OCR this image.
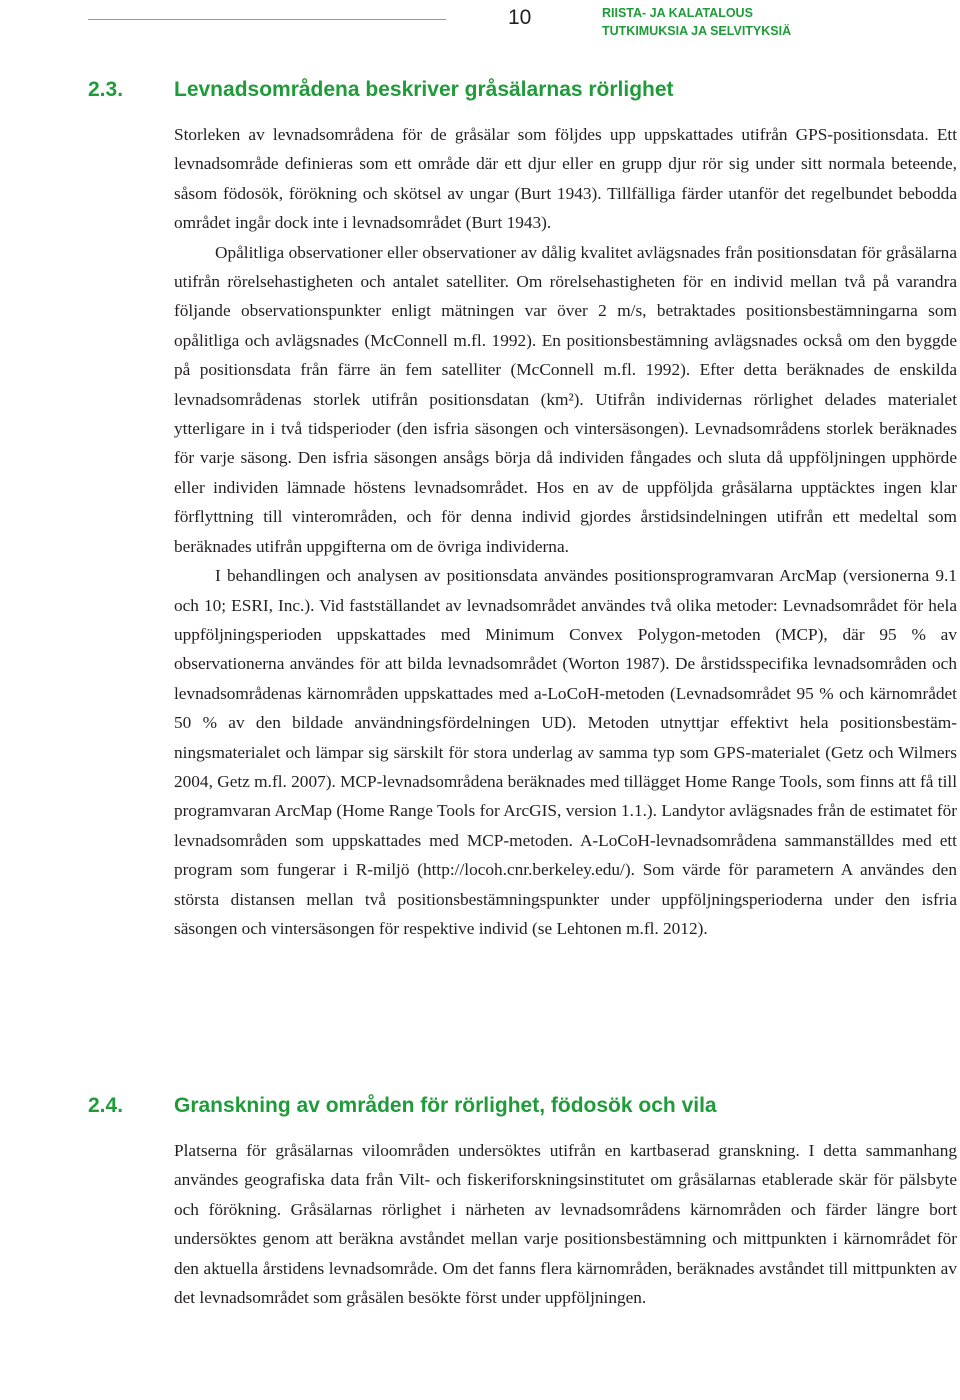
10	RIISTA- JA KALATALOUS
TUTKIMUKSIA JA SELVITYKSIÄ
2.3. Levnadsområdena beskriver gråsälarnas rörlighet

Storleken av levnadsområdena för de gråsälar som följdes upp uppskattades utifrån GPS-positionsdata. Ett levnadsområde definieras som ett område där ett djur eller en grupp djur rör sig under sitt normala beteende, såsom födosök, förökning och skötsel av ungar (Burt 1943). Tillfälliga färder utanför det regelbundet bebodda området ingår dock inte i levnadsområdet (Burt 1943).

Opålitliga observationer eller observationer av dålig kvalitet avlägsnades från positionsdatan för gråsälarna utifrån rörelsehastigheten och antalet satelliter. Om rörelsehastigheten för en individ mellan två på varandra följande observationspunkter enligt mätningen var över 2 m/s, betraktades positionsbestämningarna som opålitliga och avlägsnades (McConnell m.fl. 1992). En positionsbestämning avlägsnades också om den byggde på positionsdata från färre än fem satelliter (McConnell m.fl. 1992). Efter detta beräknades de enskilda levnadsområdenas storlek utifrån positionsdatan (km²). Utifrån individernas rörlighet delades materialet ytterligare in i två tidsperioder (den isfria säsongen och vintersäsongen). Levnadsområdens storlek beräknades för varje säsong. Den isfria säsongen ansågs börja då individen fångades och sluta då uppföljningen upphörde eller individen lämnade höstens levnadsområdet. Hos en av de uppföljda gråsälarna upptäcktes ingen klar förflyttning till vinterområden, och för denna individ gjordes årstidsindelningen utifrån ett medeltal som beräknades utifrån uppgifterna om de övriga individerna.

I behandlingen och analysen av positionsdata användes positionsprogramvaran ArcMap (versionerna 9.1 och 10; ESRI, Inc.). Vid fastställandet av levnadsområdet användes två olika metoder: Levnadsområdet för hela uppföljningsperioden uppskattades med Minimum Convex Polygon-metoden (MCP), där 95 % av observationerna användes för att bilda levnadsområdet (Worton 1987). De årstidsspecifika levnadsområden och levnadsområdenas kärnområden uppskattades med a-LoCoH-metoden (Levnadsområdet 95 % och kärnområdet 50 % av den bildade användningsfördelningen UD). Metoden utnyttjar effektivt hela positionsbestämningsmaterialet och lämpar sig särskilt för stora underlag av samma typ som GPS-materialet (Getz och Wilmers 2004, Getz m.fl. 2007). MCP-levnadsområdena beräknades med tillägget Home Range Tools, som finns att få till programvaran ArcMap (Home Range Tools for ArcGIS, version 1.1.). Landytor avlägsnades från de estimatet för levnadsområden som uppskattades med MCP-metoden. A-LoCoH-levnadsområdena sammanställdes med ett program som fungerar i R-miljö (http://locoh.cnr.berkeley.edu/). Som värde för parametern A användes den största distansen mellan två positionsbestämningspunkter under uppföljningsperioderna under den isfria säsongen och vintersäsongen för respektive individ (se Lehtonen m.fl. 2012).

2.4. Granskning av områden för rörlighet, födosök och vila

Platserna för gråsälarnas viloområden undersöktes utifrån en kartbaserad granskning. I detta sammanhang användes geografiska data från Vilt- och fiskeriforskningsinstitutet om gråsälarnas etablerade skär för pälsbyte och förökning. Gråsälarnas rörlighet i närheten av levnadsområdens kärnområden och färder längre bort undersöktes genom att beräkna avståndet mellan varje positionsbestämning och mittpunkten i kärnområdet för den aktuella årstidens levnadsområde. Om det fanns flera kärnområden, beräknades avståndet till mittpunkten av det levnadsområdet som gråsälen besökte först under uppföljningen.
